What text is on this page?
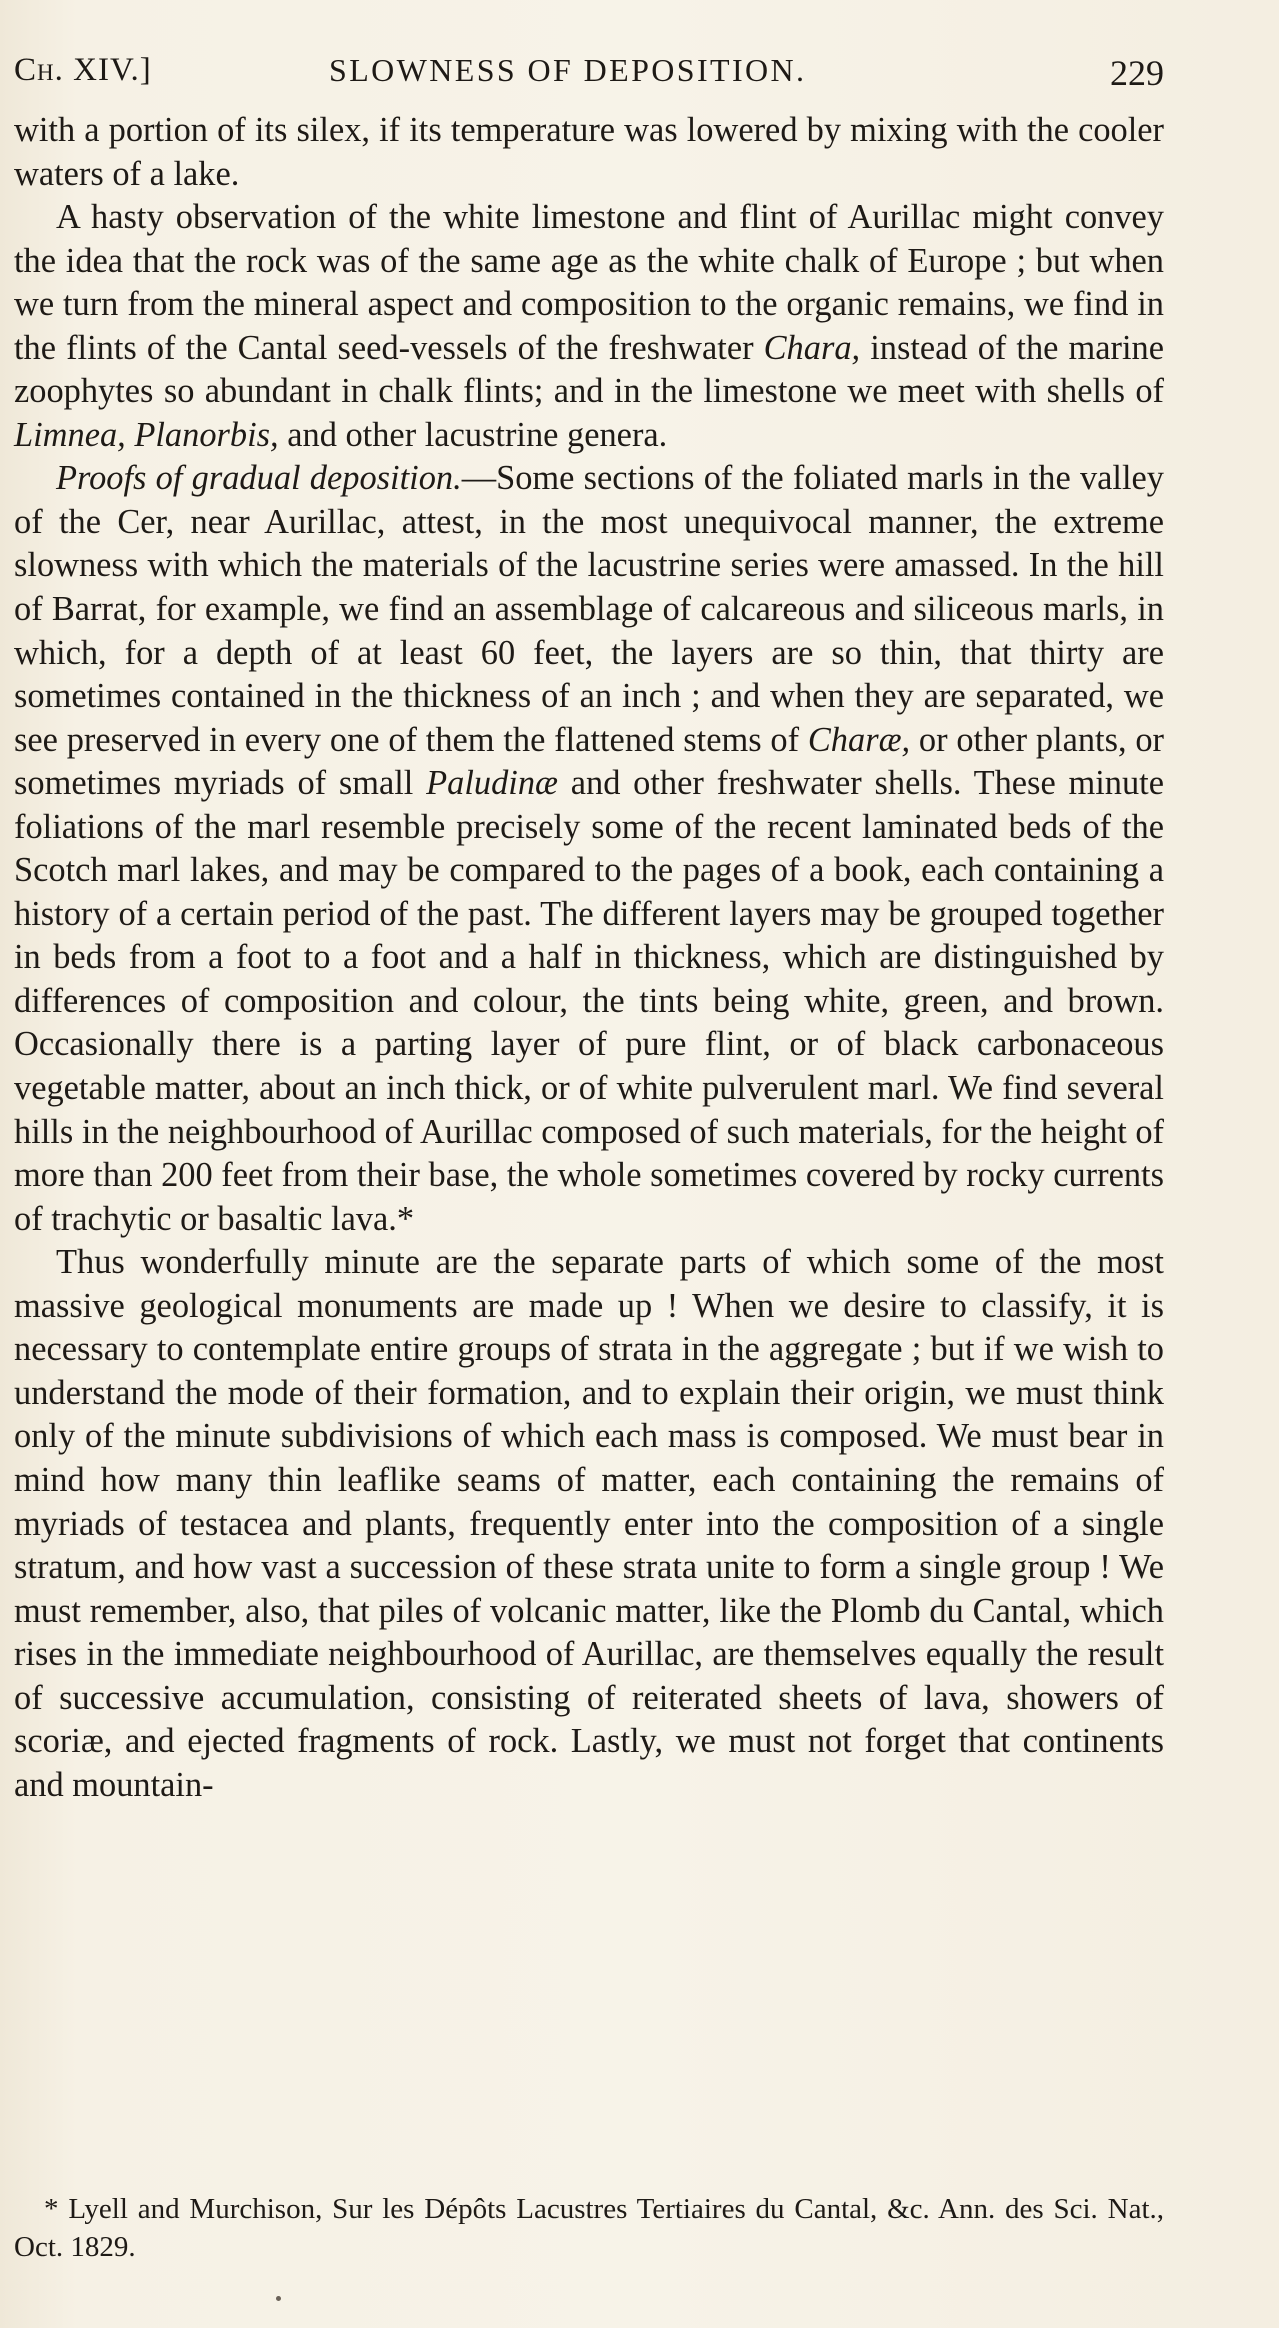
Ch. XIV.]	SLOWNESS OF DEPOSITION.	229

with a portion of its silex, if its temperature was lowered by mixing with the cooler waters of a lake.

A hasty observation of the white limestone and flint of Aurillac might convey the idea that the rock was of the same age as the white chalk of Europe ; but when we turn from the mineral aspect and composition to the organic remains, we find in the flints of the Cantal seed-vessels of the freshwater Chara, instead of the marine zoophytes so abundant in chalk flints; and in the limestone we meet with shells of Limnea, Planorbis, and other lacustrine genera.

Proofs of gradual deposition.—Some sections of the foliated marls in the valley of the Cer, near Aurillac, attest, in the most unequivocal manner, the extreme slowness with which the materials of the lacustrine series were amassed. In the hill of Barrat, for example, we find an assemblage of calcareous and siliceous marls, in which, for a depth of at least 60 feet, the layers are so thin, that thirty are sometimes contained in the thickness of an inch ; and when they are separated, we see preserved in every one of them the flattened stems of Charæ, or other plants, or sometimes myriads of small Paludinæ and other freshwater shells. These minute foliations of the marl resemble precisely some of the recent laminated beds of the Scotch marl lakes, and may be compared to the pages of a book, each containing a history of a certain period of the past. The different layers may be grouped together in beds from a foot to a foot and a half in thickness, which are distinguished by differences of composition and colour, the tints being white, green, and brown. Occasionally there is a parting layer of pure flint, or of black carbonaceous vegetable matter, about an inch thick, or of white pulverulent marl. We find several hills in the neighbourhood of Aurillac composed of such materials, for the height of more than 200 feet from their base, the whole sometimes covered by rocky currents of trachytic or basaltic lava.*

Thus wonderfully minute are the separate parts of which some of the most massive geological monuments are made up ! When we desire to classify, it is necessary to contemplate entire groups of strata in the aggregate ; but if we wish to understand the mode of their formation, and to explain their origin, we must think only of the minute subdivisions of which each mass is composed. We must bear in mind how many thin leaflike seams of matter, each containing the remains of myriads of testacea and plants, frequently enter into the composition of a single stratum, and how vast a succession of these strata unite to form a single group ! We must remember, also, that piles of volcanic matter, like the Plomb du Cantal, which rises in the immediate neighbourhood of Aurillac, are themselves equally the result of successive accumulation, consisting of reiterated sheets of lava, showers of scoriæ, and ejected fragments of rock. Lastly, we must not forget that continents and mountain-

* Lyell and Murchison, Sur les Dépôts Lacustres Tertiaires du Cantal, &c. Ann. des Sci. Nat., Oct. 1829.
